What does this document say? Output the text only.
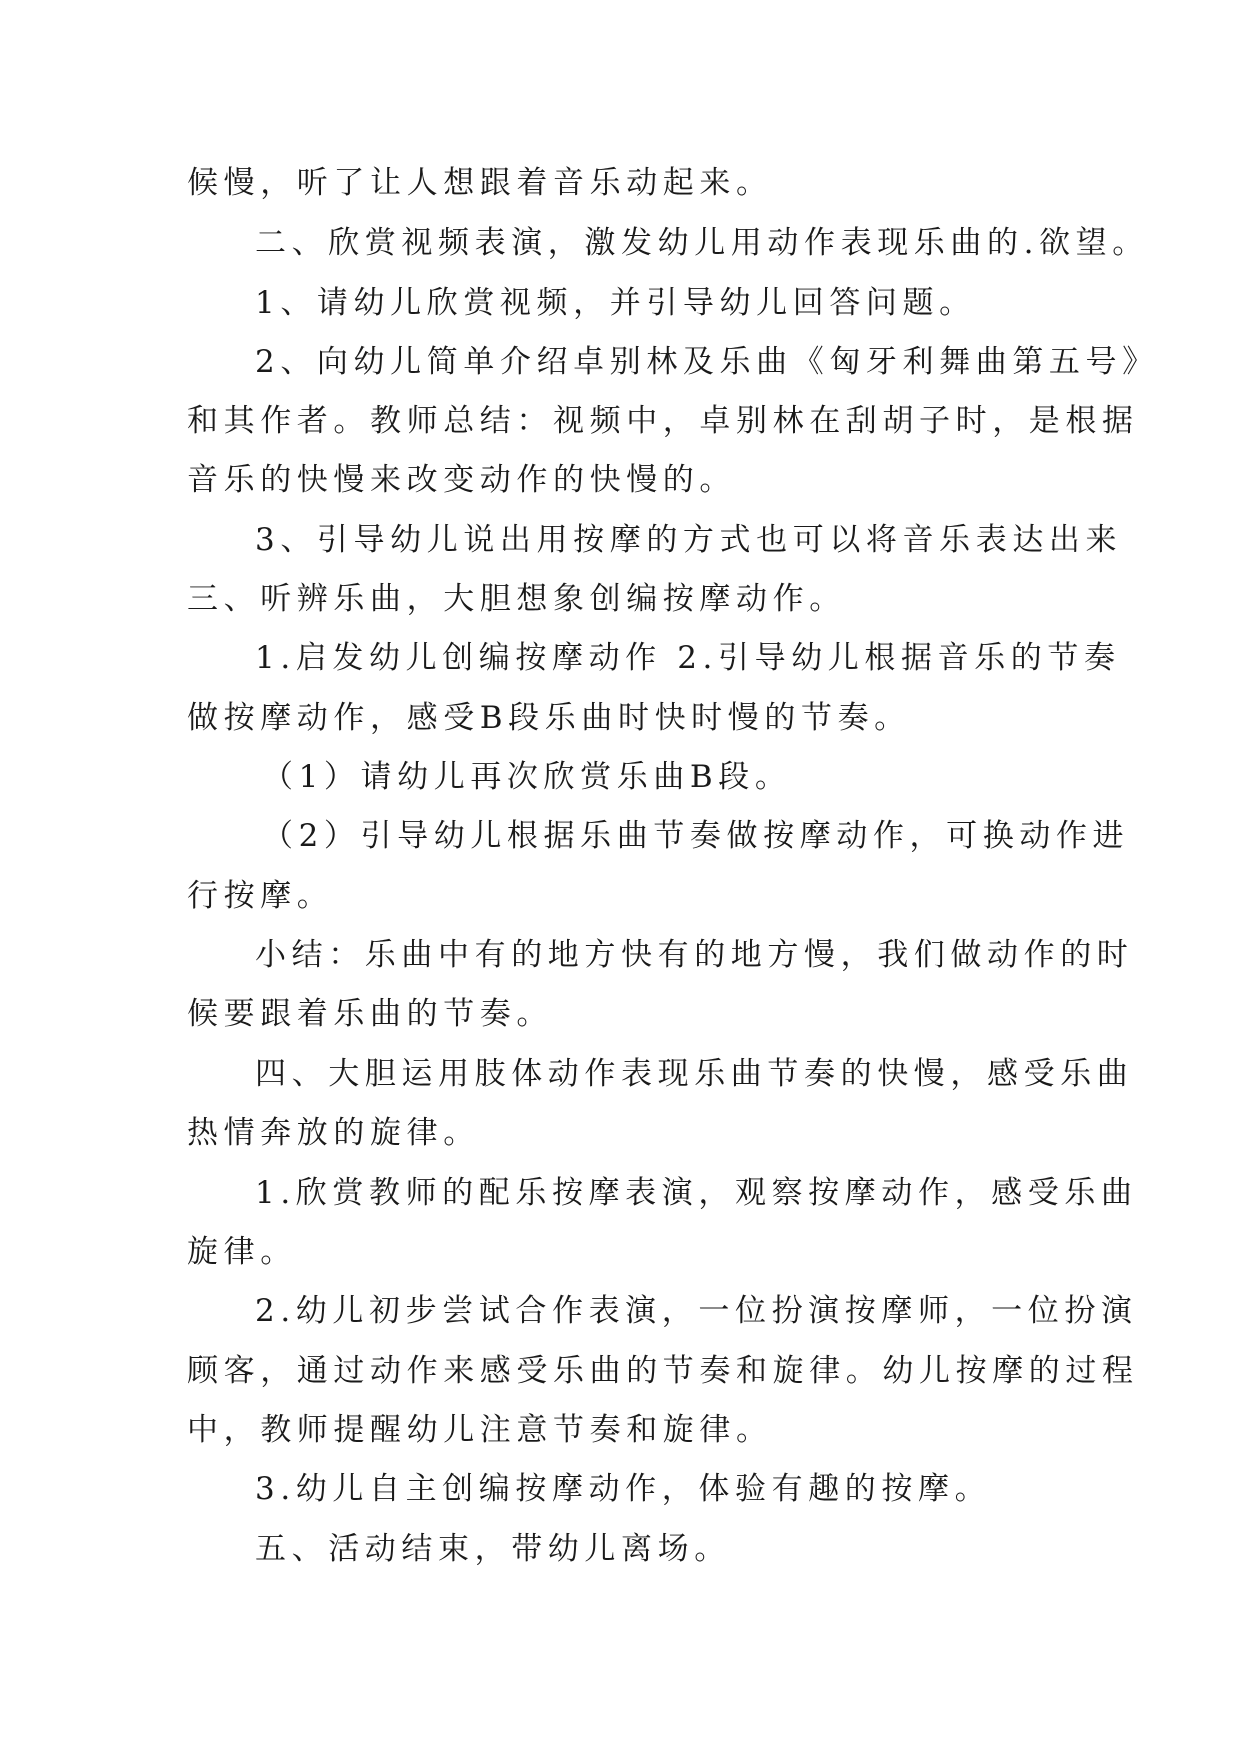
候慢，听了让人想跟着音乐动起来。
二、欣赏视频表演，激发幼儿用动作表现乐曲的.欲望。
1、请幼儿欣赏视频，并引导幼儿回答问题。
2、向幼儿简单介绍卓别林及乐曲《匈牙利舞曲第五号》
和其作者。教师总结：视频中，卓别林在刮胡子时，是根据
音乐的快慢来改变动作的快慢的。
3、引导幼儿说出用按摩的方式也可以将音乐表达出来
三、听辨乐曲，大胆想象创编按摩动作。
1.启发幼儿创编按摩动作 2.引导幼儿根据音乐的节奏
做按摩动作，感受B段乐曲时快时慢的节奏。
（1）请幼儿再次欣赏乐曲B段。
（2）引导幼儿根据乐曲节奏做按摩动作，可换动作进
行按摩。
小结：乐曲中有的地方快有的地方慢，我们做动作的时
候要跟着乐曲的节奏。
四、大胆运用肢体动作表现乐曲节奏的快慢，感受乐曲
热情奔放的旋律。
1.欣赏教师的配乐按摩表演，观察按摩动作，感受乐曲
旋律。
2.幼儿初步尝试合作表演，一位扮演按摩师，一位扮演
顾客，通过动作来感受乐曲的节奏和旋律。幼儿按摩的过程
中，教师提醒幼儿注意节奏和旋律。
3.幼儿自主创编按摩动作，体验有趣的按摩。
五、活动结束，带幼儿离场。
